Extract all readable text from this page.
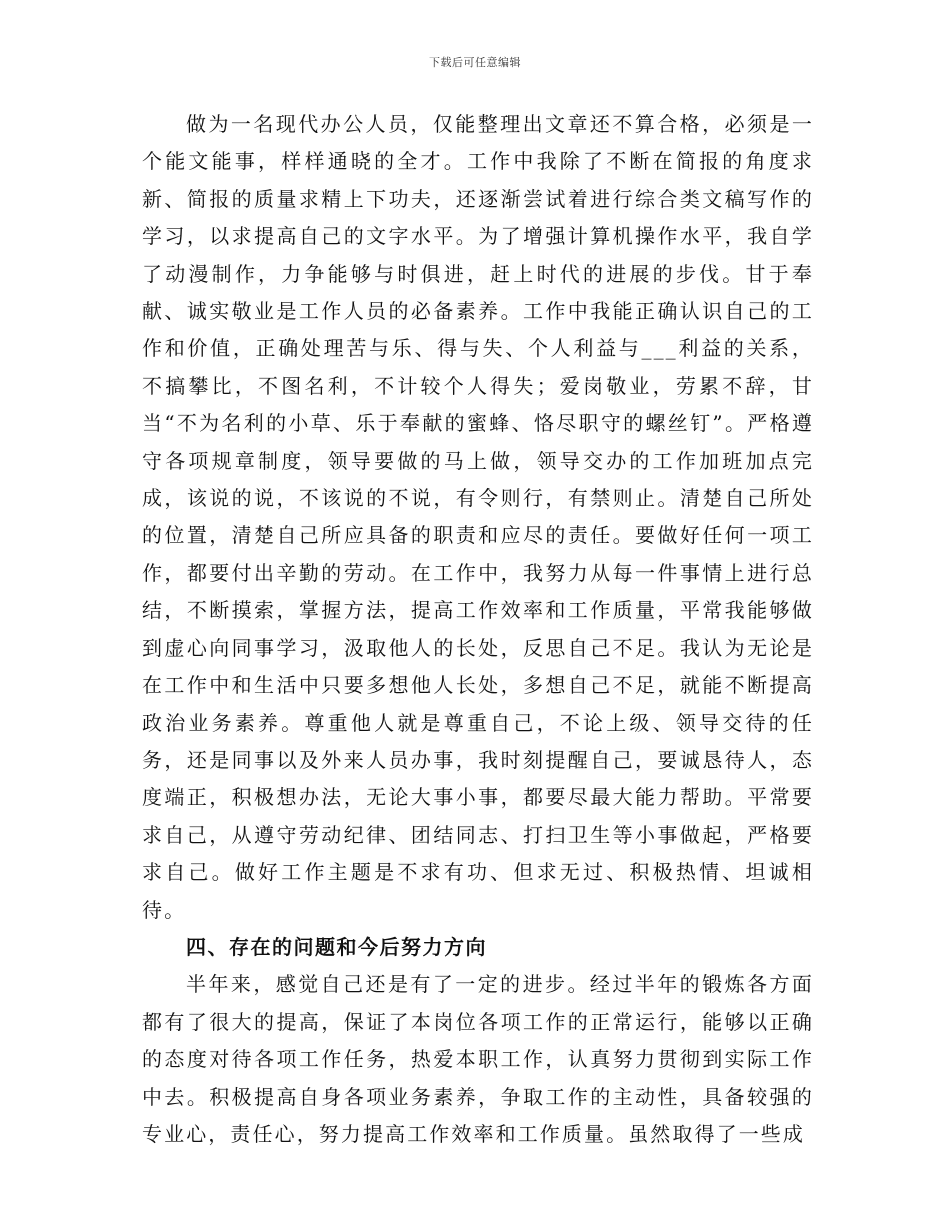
下载后可任意编辑

做为一名现代办公人员，仅能整理出文章还不算合格，必须是一个能文能事，样样通晓的全才。工作中我除了不断在简报的角度求新、简报的质量求精上下功夫，还逐渐尝试着进行综合类文稿写作的学习，以求提高自己的文字水平。为了增强计算机操作水平，我自学了动漫制作，力争能够与时俱进，赶上时代的进展的步伐。甘于奉献、诚实敬业是工作人员的必备素养。工作中我能正确认识自己的工作和价值，正确处理苦与乐、得与失、个人利益与___利益的关系，不搞攀比，不图名利，不计较个人得失；爱岗敬业，劳累不辞，甘当“不为名利的小草、乐于奉献的蜜蜂、恪尽职守的螺丝钉”。严格遵守各项规章制度，领导要做的马上做，领导交办的工作加班加点完成，该说的说，不该说的不说，有令则行，有禁则止。清楚自己所处的位置，清楚自己所应具备的职责和应尽的责任。要做好任何一项工作，都要付出辛勤的劳动。在工作中，我努力从每一件事情上进行总结，不断摸索，掌握方法，提高工作效率和工作质量，平常我能够做到虚心向同事学习，汲取他人的长处，反思自己不足。我认为无论是在工作中和生活中只要多想他人长处，多想自己不足，就能不断提高政治业务素养。尊重他人就是尊重自己，不论上级、领导交待的任务，还是同事以及外来人员办事，我时刻提醒自己，要诚恳待人，态度端正，积极想办法，无论大事小事，都要尽最大能力帮助。平常要求自己，从遵守劳动纪律、团结同志、打扫卫生等小事做起，严格要求自己。做好工作主题是不求有功、但求无过、积极热情、坦诚相待。

四、存在的问题和今后努力方向

半年来，感觉自己还是有了一定的进步。经过半年的锻炼各方面都有了很大的提高，保证了本岗位各项工作的正常运行，能够以正确的态度对待各项工作任务，热爱本职工作，认真努力贯彻到实际工作中去。积极提高自身各项业务素养，争取工作的主动性，具备较强的专业心，责任心，努力提高工作效率和工作质量。虽然取得了一些成
